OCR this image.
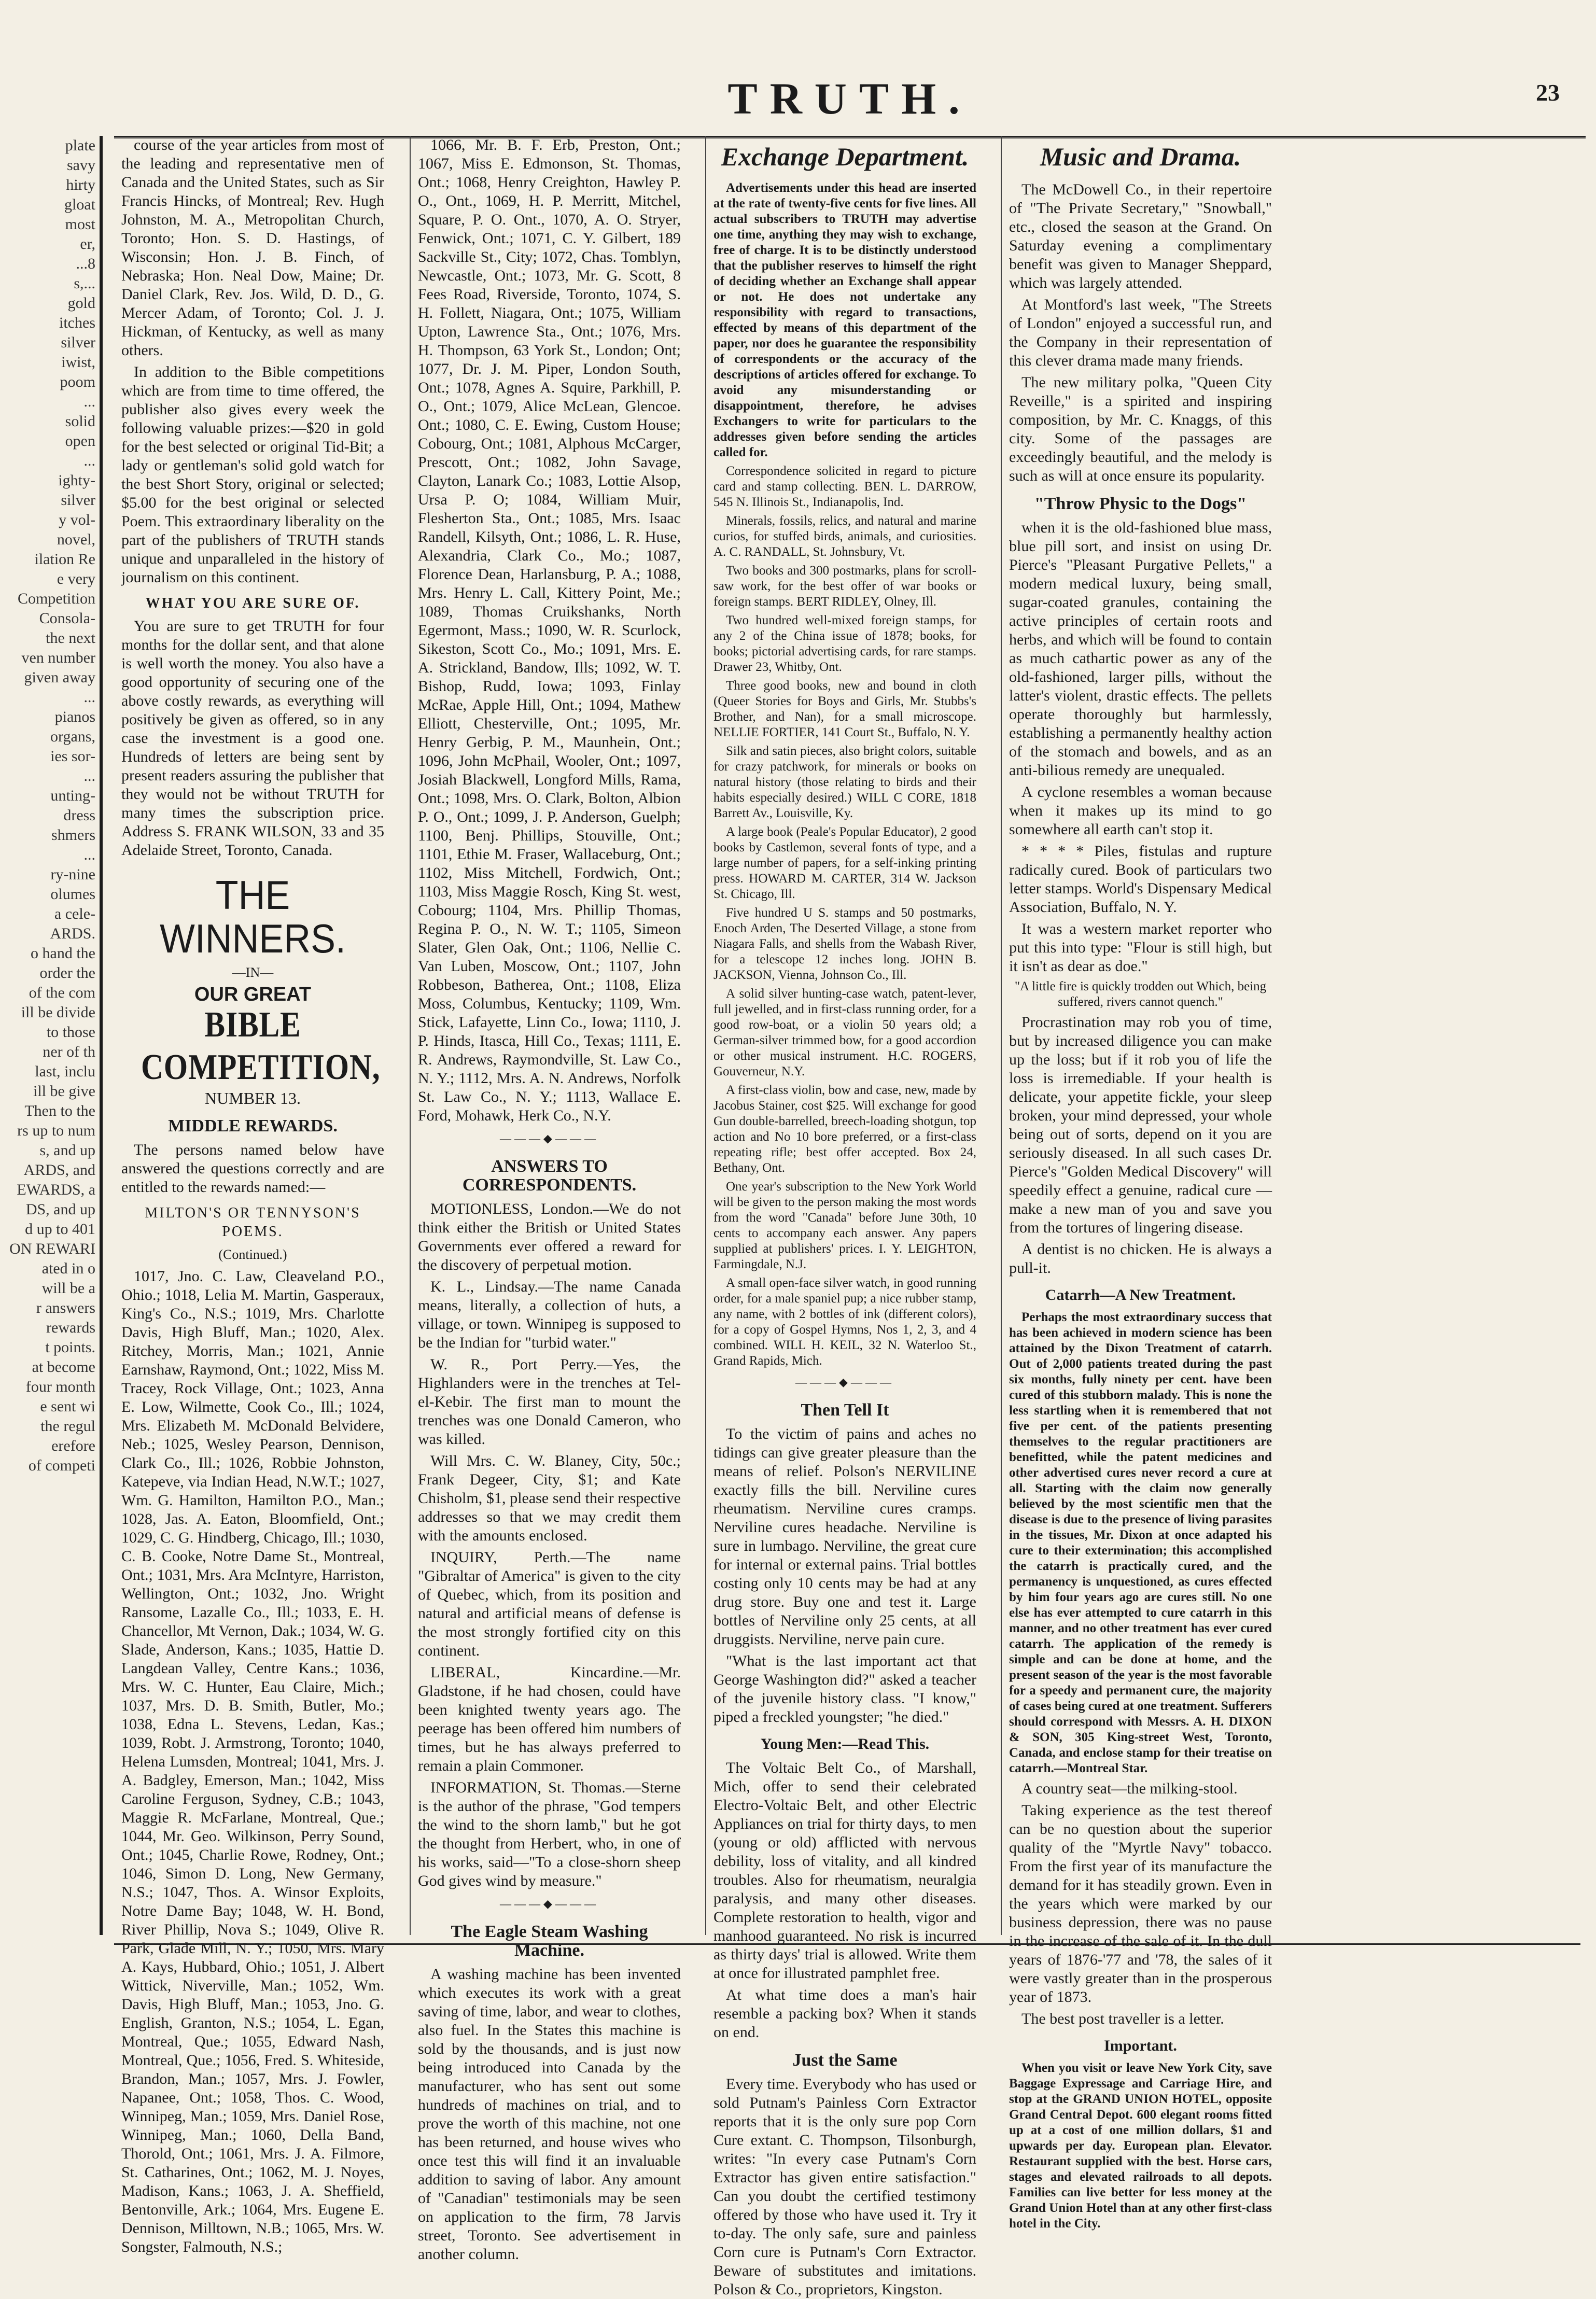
TRUTH.	23
plate
savy
hirty
gloat
most
er,
...8
s,...
gold
itches
silver
iwist,
poom
...
solid
open
...
ighty-
silver
y vol-
novel,
ilation Re
e very
Competition
Consola-
the next
ven number
given away
...
pianos
organs,
ies sor-
...
unting-
dress
shmers
...
ry-nine
olumes
a cele-
ARDS.
o hand the
order the
of the com
ill be divide
to those
ner of th
last, inclu
ill be give
Then to the
rs up to num
s, and up
ARDS, and
EWARDS, a
DS, and up
d up to 401
ON REWARI
ated in o
will be a
r answers
rewards
t points.
at become
four month
e sent wi
the regul
erefore
of competi

course of the year articles from most of the leading and representative men of Canada and the United States, such as Sir Francis Hincks, of Montreal; Rev. Hugh Johnston, M. A., Metropolitan Church, Toronto; Hon. S. D. Hastings, of Wisconsin; Hon. J. B. Finch, of Nebraska; Hon. Neal Dow, Maine; Dr. Daniel Clark, Rev. Jos. Wild, D. D., G. Mercer Adam, of Toronto; Col. J. J. Hickman, of Kentucky, as well as many others.

In addition to the Bible competitions which are from time to time offered, the publisher also gives every week the following valuable prizes:—$20 in gold for the best selected or original Tid-Bit; a lady or gentleman's solid gold watch for the best Short Story, original or selected; $5.00 for the best original or selected Poem. This extraordinary liberality on the part of the publishers of TRUTH stands unique and unparalleled in the history of journalism on this continent.

WHAT YOU ARE SURE OF.

You are sure to get TRUTH for four months for the dollar sent, and that alone is well worth the money. You also have a good opportunity of securing one of the above costly rewards, as everything will positively be given as offered, so in any case the investment is a good one. Hundreds of letters are being sent by present readers assuring the publisher that they would not be without TRUTH for many times the subscription price. Address S. FRANK WILSON, 33 and 35 Adelaide Street, Toronto, Canada.

THE WINNERS.
—IN—
OUR GREAT
BIBLE COMPETITION,
NUMBER 13.
MIDDLE REWARDS.

The persons named below have answered the questions correctly and are entitled to the rewards named:—

MILTON'S OR TENNYSON'S POEMS.
(Continued.)

1017, Jno. C. Law, Cleaveland P.O., Ohio.; 1018, Lelia M. Martin, Gasperaux, King's Co., N.S.; 1019, Mrs. Charlotte Davis, High Bluff, Man.; 1020, Alex. Ritchey, Morris, Man.; 1021, Annie Earnshaw, Raymond, Ont.; 1022, Miss M. Tracey, Rock Village, Ont.; 1023, Anna E. Low, Wilmette, Cook Co., Ill.; 1024, Mrs. Elizabeth M. McDonald Belvidere, Neb.; 1025, Wesley Pearson, Dennison, Clark Co., Ill.; 1026, Robbie Johnston, Katepeve, via Indian Head, N.W.T.; 1027, Wm. G. Hamilton, Hamilton P.O., Man.; 1028, Jas. A. Eaton, Bloomfield, Ont.; 1029, C. G. Hindberg, Chicago, Ill.; 1030, C. B. Cooke, Notre Dame St., Montreal, Ont.; 1031, Mrs. Ara McIntyre, Harriston, Wellington, Ont.; 1032, Jno. Wright Ransome, Lazalle Co., Ill.; 1033, E. H. Chancellor, Mt Vernon, Dak.; 1034, W. G. Slade, Anderson, Kans.; 1035, Hattie D. Langdean Valley, Centre Kans.; 1036, Mrs. W. C. Hunter, Eau Claire, Mich.; 1037, Mrs. D. B. Smith, Butler, Mo.; 1038, Edna L. Stevens, Ledan, Kas.; 1039, Robt. J. Armstrong, Toronto; 1040, Helena Lumsden, Montreal; 1041, Mrs. J. A. Badgley, Emerson, Man.; 1042, Miss Caroline Ferguson, Sydney, C.B.; 1043, Maggie R. McFarlane, Montreal, Que.; 1044, Mr. Geo. Wilkinson, Perry Sound, Ont.; 1045, Charlie Rowe, Rodney, Ont.; 1046, Simon D. Long, New Germany, N.S.; 1047, Thos. A. Winsor Exploits, Notre Dame Bay; 1048, W. H. Bond, River Phillip, Nova S.; 1049, Olive R. Park, Glade Mill, N. Y.; 1050, Mrs. Mary A. Kays, Hubbard, Ohio.; 1051, J. Albert Wittick, Niverville, Man.; 1052, Wm. Davis, High Bluff, Man.; 1053, Jno. G. English, Granton, N.S.; 1054, L. Egan, Montreal, Que.; 1055, Edward Nash, Montreal, Que.; 1056, Fred. S. Whiteside, Brandon, Man.; 1057, Mrs. J. Fowler, Napanee, Ont.; 1058, Thos. C. Wood, Winnipeg, Man.; 1059, Mrs. Daniel Rose, Winnipeg, Man.; 1060, Della Band, Thorold, Ont.; 1061, Mrs. J. A. Filmore, St. Catharines, Ont.; 1062, M. J. Noyes, Madison, Kans.; 1063, J. A. Sheffield, Bentonville, Ark.; 1064, Mrs. Eugene E. Dennison, Milltown, N.B.; 1065, Mrs. W. Songster, Falmouth, N.S.;

1066, Mr. B. F. Erb, Preston, Ont.; 1067, Miss E. Edmonson, St. Thomas, Ont.; 1068, Henry Creighton, Hawley P. O., Ont., 1069, H. P. Merritt, Mitchel, Square, P. O. Ont., 1070, A. O. Stryer, Fenwick, Ont.; 1071, C. Y. Gilbert, 189 Sackville St., City; 1072, Chas. Tomblyn, Newcastle, Ont.; 1073, Mr. G. Scott, 8 Fees Road, Riverside, Toronto, 1074, S. H. Follett, Niagara, Ont.; 1075, William Upton, Lawrence Sta., Ont.; 1076, Mrs. H. Thompson, 63 York St., London; Ont; 1077, Dr. J. M. Piper, London South, Ont.; 1078, Agnes A. Squire, Parkhill, P. O., Ont.; 1079, Alice McLean, Glencoe. Ont.; 1080, C. E. Ewing, Custom House; Cobourg, Ont.; 1081, Alphous McCarger, Prescott, Ont.; 1082, John Savage, Clayton, Lanark Co.; 1083, Lottie Alsop, Ursa P. O; 1084, William Muir, Flesherton Sta., Ont.; 1085, Mrs. Isaac Randell, Kilsyth, Ont.; 1086, L. R. Huse, Alexandria, Clark Co., Mo.; 1087, Florence Dean, Harlansburg, P. A.; 1088, Mrs. Henry L. Call, Kittery Point, Me.; 1089, Thomas Cruikshanks, North Egermont, Mass.; 1090, W. R. Scurlock, Sikeston, Scott Co., Mo.; 1091, Mrs. E. A. Strickland, Bandow, Ills; 1092, W. T. Bishop, Rudd, Iowa; 1093, Finlay McRae, Apple Hill, Ont.; 1094, Mathew Elliott, Chesterville, Ont.; 1095, Mr. Henry Gerbig, P. M., Maunhein, Ont.; 1096, John McPhail, Wooler, Ont.; 1097, Josiah Blackwell, Longford Mills, Rama, Ont.; 1098, Mrs. O. Clark, Bolton, Albion P. O., Ont.; 1099, J. P. Anderson, Guelph; 1100, Benj. Phillips, Stouville, Ont.; 1101, Ethie M. Fraser, Wallaceburg, Ont.; 1102, Miss Mitchell, Fordwich, Ont.; 1103, Miss Maggie Rosch, King St. west, Cobourg; 1104, Mrs. Phillip Thomas, Regina P. O., N. W. T.; 1105, Simeon Slater, Glen Oak, Ont.; 1106, Nellie C. Van Luben, Moscow, Ont.; 1107, John Robbeson, Batherea, Ont.; 1108, Eliza Moss, Columbus, Kentucky; 1109, Wm. Stick, Lafayette, Linn Co., Iowa; 1110, J. P. Hinds, Itasca, Hill Co., Texas; 1111, E. R. Andrews, Raymondville, St. Law Co., N. Y.; 1112, Mrs. A. N. Andrews, Norfolk St. Law Co., N. Y.; 1113, Wallace E. Ford, Mohawk, Herk Co., N.Y.

———◆———
ANSWERS TO CORRESPONDENTS.

MOTIONLESS, London.—We do not think either the British or United States Governments ever offered a reward for the discovery of perpetual motion.

K. L., Lindsay.—The name Canada means, literally, a collection of huts, a village, or town. Winnipeg is supposed to be the Indian for "turbid water."

W. R., Port Perry.—Yes, the Highlanders were in the trenches at Tel-el-Kebir. The first man to mount the trenches was one Donald Cameron, who was killed.

Will Mrs. C. W. Blaney, City, 50c.; Frank Degeer, City, $1; and Kate Chisholm, $1, please send their respective addresses so that we may credit them with the amounts enclosed.

INQUIRY, Perth.—The name "Gibraltar of America" is given to the city of Quebec, which, from its position and natural and artificial means of defense is the most strongly fortified city on this continent.

LIBERAL, Kincardine.—Mr. Gladstone, if he had chosen, could have been knighted twenty years ago. The peerage has been offered him numbers of times, but he has always preferred to remain a plain Commoner.

INFORMATION, St. Thomas.—Sterne is the author of the phrase, "God tempers the wind to the shorn lamb," but he got the thought from Herbert, who, in one of his works, said—"To a close-shorn sheep God gives wind by measure."

———◆———
The Eagle Steam Washing Machine.

A washing machine has been invented which executes its work with a great saving of time, labor, and wear to clothes, also fuel. In the States this machine is sold by the thousands, and is just now being introduced into Canada by the manufacturer, who has sent out some hundreds of machines on trial, and to prove the worth of this machine, not one has been returned, and house wives who once test this will find it an invaluable addition to saving of labor. Any amount of "Canadian" testimonials may be seen on application to the firm, 78 Jarvis street, Toronto. See advertisement in another column.

Exchange Department.

Advertisements under this head are inserted at the rate of twenty-five cents for five lines. All actual subscribers to TRUTH may advertise one time, anything they may wish to exchange, free of charge. It is to be distinctly understood that the publisher reserves to himself the right of deciding whether an Exchange shall appear or not. He does not undertake any responsibility with regard to transactions, effected by means of this department of the paper, nor does he guarantee the responsibility of correspondents or the accuracy of the descriptions of articles offered for exchange. To avoid any misunderstanding or disappointment, therefore, he advises Exchangers to write for particulars to the addresses given before sending the articles called for.

Correspondence solicited in regard to picture card and stamp collecting. BEN. L. DARROW, 545 N. Illinois St., Indianapolis, Ind.

Minerals, fossils, relics, and natural and marine curios, for stuffed birds, animals, and curiosities. A. C. RANDALL, St. Johnsbury, Vt.

Two books and 300 postmarks, plans for scroll-saw work, for the best offer of war books or foreign stamps. BERT RIDLEY, Olney, Ill.

Two hundred well-mixed foreign stamps, for any 2 of the China issue of 1878; books, for books; pictorial advertising cards, for rare stamps. Drawer 23, Whitby, Ont.

Three good books, new and bound in cloth (Queer Stories for Boys and Girls, Mr. Stubbs's Brother, and Nan), for a small microscope. NELLIE FORTIER, 141 Court St., Buffalo, N. Y.

Silk and satin pieces, also bright colors, suitable for crazy patchwork, for minerals or books on natural history (those relating to birds and their habits especially desired.) WILL C CORE, 1818 Barrett Av., Louisville, Ky.

A large book (Peale's Popular Educator), 2 good books by Castlemon, several fonts of type, and a large number of papers, for a self-inking printing press. HOWARD M. CARTER, 314 W. Jackson St. Chicago, Ill.

Five hundred U S. stamps and 50 postmarks, Enoch Arden, The Deserted Village, a stone from Niagara Falls, and shells from the Wabash River, for a telescope 12 inches long. JOHN B. JACKSON, Vienna, Johnson Co., Ill.

A solid silver hunting-case watch, patent-lever, full jewelled, and in first-class running order, for a good row-boat, or a violin 50 years old; a German-silver trimmed bow, for a good accordion or other musical instrument. H.C. ROGERS, Gouverneur, N.Y.

A first-class violin, bow and case, new, made by Jacobus Stainer, cost $25. Will exchange for good Gun double-barrelled, breech-loading shotgun, top action and No 10 bore preferred, or a first-class repeating rifle; best offer accepted. Box 24, Bethany, Ont.

One year's subscription to the New York World will be given to the person making the most words from the word "Canada" before June 30th, 10 cents to accompany each answer. Any papers supplied at publishers' prices. I. Y. LEIGHTON, Farmingdale, N.J.

A small open-face silver watch, in good running order, for a male spaniel pup; a nice rubber stamp, any name, with 2 bottles of ink (different colors), for a copy of Gospel Hymns, Nos 1, 2, 3, and 4 combined. WILL H. KEIL, 32 N. Waterloo St., Grand Rapids, Mich.

———◆———
Then Tell It

To the victim of pains and aches no tidings can give greater pleasure than the means of relief. Polson's NERVILINE exactly fills the bill. Nerviline cures rheumatism. Nerviline cures cramps. Nerviline cures headache. Nerviline is sure in lumbago. Nerviline, the great cure for internal or external pains. Trial bottles costing only 10 cents may be had at any drug store. Buy one and test it. Large bottles of Nerviline only 25 cents, at all druggists. Nerviline, nerve pain cure.

"What is the last important act that George Washington did?" asked a teacher of the juvenile history class. "I know," piped a freckled youngster; "he died."

Young Men:—Read This.

The Voltaic Belt Co., of Marshall, Mich, offer to send their celebrated Electro-Voltaic Belt, and other Electric Appliances on trial for thirty days, to men (young or old) afflicted with nervous debility, loss of vitality, and all kindred troubles. Also for rheumatism, neuralgia paralysis, and many other diseases. Complete restoration to health, vigor and manhood guaranteed. No risk is incurred as thirty days' trial is allowed. Write them at once for illustrated pamphlet free.

At what time does a man's hair resemble a packing box? When it stands on end.

Just the Same

Every time. Everybody who has used or sold Putnam's Painless Corn Extractor reports that it is the only sure pop Corn Cure extant. C. Thompson, Tilsonburgh, writes: "In every case Putnam's Corn Extractor has given entire satisfaction." Can you doubt the certified testimony offered by those who have used it. Try it to-day. The only safe, sure and painless Corn cure is Putnam's Corn Extractor. Beware of substitutes and imitations. Polson & Co., proprietors, Kingston.

Music and Drama.

The McDowell Co., in their repertoire of "The Private Secretary," "Snowball," etc., closed the season at the Grand. On Saturday evening a complimentary benefit was given to Manager Sheppard, which was largely attended.

At Montford's last week, "The Streets of London" enjoyed a successful run, and the Company in their representation of this clever drama made many friends.

The new military polka, "Queen City Reveille," is a spirited and inspiring composition, by Mr. C. Knaggs, of this city. Some of the passages are exceedingly beautiful, and the melody is such as will at once ensure its popularity.

"Throw Physic to the Dogs"

when it is the old-fashioned blue mass, blue pill sort, and insist on using Dr. Pierce's "Pleasant Purgative Pellets," a modern medical luxury, being small, sugar-coated granules, containing the active principles of certain roots and herbs, and which will be found to contain as much cathartic power as any of the old-fashioned, larger pills, without the latter's violent, drastic effects. The pellets operate thoroughly but harmlessly, establishing a permanently healthy action of the stomach and bowels, and as an anti-bilious remedy are unequaled.

A cyclone resembles a woman because when it makes up its mind to go somewhere all earth can't stop it.

* * * * Piles, fistulas and rupture radically cured. Book of particulars two letter stamps. World's Dispensary Medical Association, Buffalo, N. Y.

It was a western market reporter who put this into type: "Flour is still high, but it isn't as dear as doe."

"A little fire is quickly trodden out Which, being suffered, rivers cannot quench."

Procrastination may rob you of time, but by increased diligence you can make up the loss; but if it rob you of life the loss is irremediable. If your health is delicate, your appetite fickle, your sleep broken, your mind depressed, your whole being out of sorts, depend on it you are seriously diseased. In all such cases Dr. Pierce's "Golden Medical Discovery" will speedily effect a genuine, radical cure —make a new man of you and save you from the tortures of lingering disease.

A dentist is no chicken. He is always a pull-it.

Catarrh—A New Treatment.

Perhaps the most extraordinary success that has been achieved in modern science has been attained by the Dixon Treatment of catarrh. Out of 2,000 patients treated during the past six months, fully ninety per cent. have been cured of this stubborn malady. This is none the less startling when it is remembered that not five per cent. of the patients presenting themselves to the regular practitioners are benefitted, while the patent medicines and other advertised cures never record a cure at all. Starting with the claim now generally believed by the most scientific men that the disease is due to the presence of living parasites in the tissues, Mr. Dixon at once adapted his cure to their extermination; this accomplished the catarrh is practically cured, and the permanency is unquestioned, as cures effected by him four years ago are cures still. No one else has ever attempted to cure catarrh in this manner, and no other treatment has ever cured catarrh. The application of the remedy is simple and can be done at home, and the present season of the year is the most favorable for a speedy and permanent cure, the majority of cases being cured at one treatment. Sufferers should correspond with Messrs. A. H. DIXON & SON, 305 King-street West, Toronto, Canada, and enclose stamp for their treatise on catarrh.—Montreal Star.

A country seat—the milking-stool.

Taking experience as the test thereof can be no question about the superior quality of the "Myrtle Navy" tobacco. From the first year of its manufacture the demand for it has steadily grown. Even in the years which were marked by our business depression, there was no pause in the increase of the sale of it. In the dull years of 1876-'77 and '78, the sales of it were vastly greater than in the prosperous year of 1873.

The best post traveller is a letter.

Important.

When you visit or leave New York City, save Baggage Expressage and Carriage Hire, and stop at the GRAND UNION HOTEL, opposite Grand Central Depot. 600 elegant rooms fitted up at a cost of one million dollars, $1 and upwards per day. European plan. Elevator. Restaurant supplied with the best. Horse cars, stages and elevated railroads to all depots. Families can live better for less money at the Grand Union Hotel than at any other first-class hotel in the City.
